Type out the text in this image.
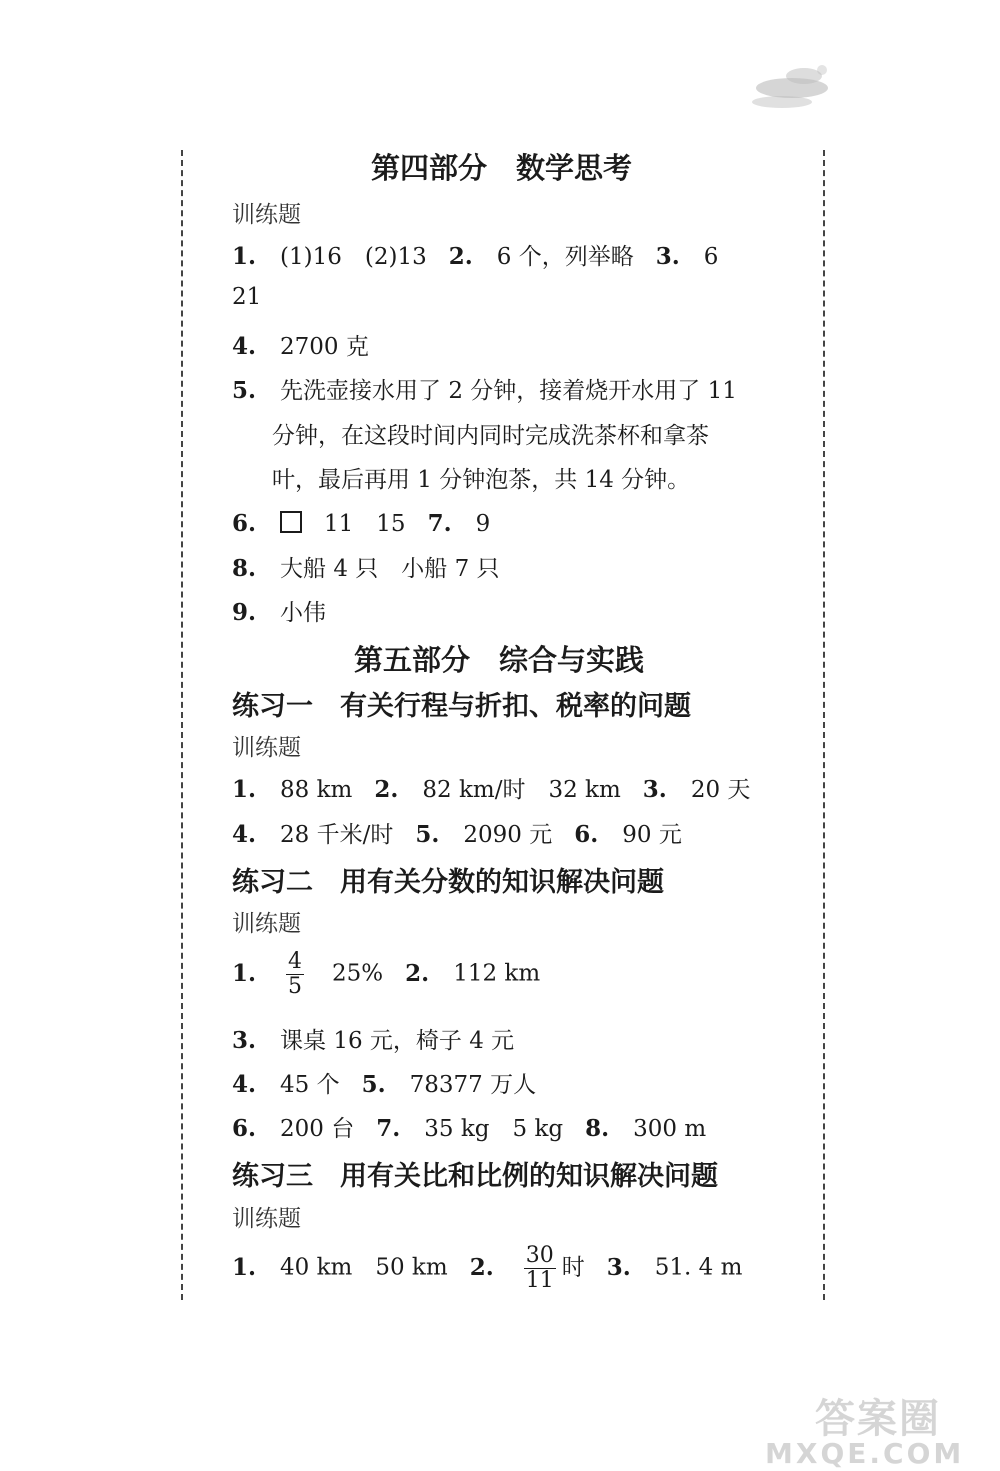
第四部分　数学思考
训练题
1. (1)16　(2)13 2. 6 个，列举略 3. 6
21
4. 2700 克
5. 先洗壶接水用了 2 分钟，接着烧开水用了 11
分钟，在这段时间内同时完成洗茶杯和拿茶
叶，最后再用 1 分钟泡茶，共 14 分钟。
6.	11　15 7. 9
8. 大船 4 只　小船 7 只
9. 小伟
第五部分　综合与实践
练习一　有关行程与折扣、税率的问题
训练题
1. 88 km 2. 82 km/时　32 km 3. 20 天
4. 28 千米/时 5. 2090 元 6. 90 元
练习二　用有关分数的知识解决问题
训练题
1. $\frac{4}{5} 25\%$ 2. 112 km
3. 课桌 16 元，椅子 4 元
4. 45 个 5. 78377 万人
6. 200 台 7. 35 kg　5 kg 8. 300 m
练习三　用有关比和比例的知识解决问题
训练题
1. 40 km　50 km 2. $\frac{30}{11}$ 时 3. 51. 4 m
答案圈
MXQE.COM
